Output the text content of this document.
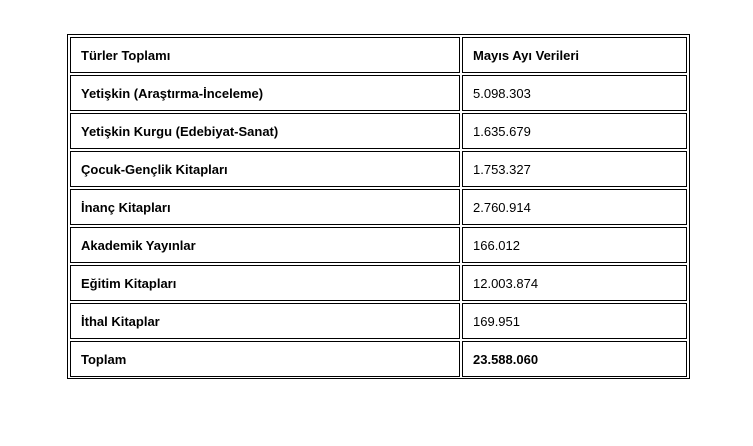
Türler Toplamı	Mayıs Ayı Verileri
Yetişkin (Araştırma-İnceleme)	5.098.303
Yetişkin Kurgu (Edebiyat-Sanat)	1.635.679
Çocuk-Gençlik Kitapları	1.753.327
İnanç Kitapları	2.760.914
Akademik Yayınlar	166.012
Eğitim Kitapları	12.003.874
İthal Kitaplar	169.951
Toplam	23.588.060
